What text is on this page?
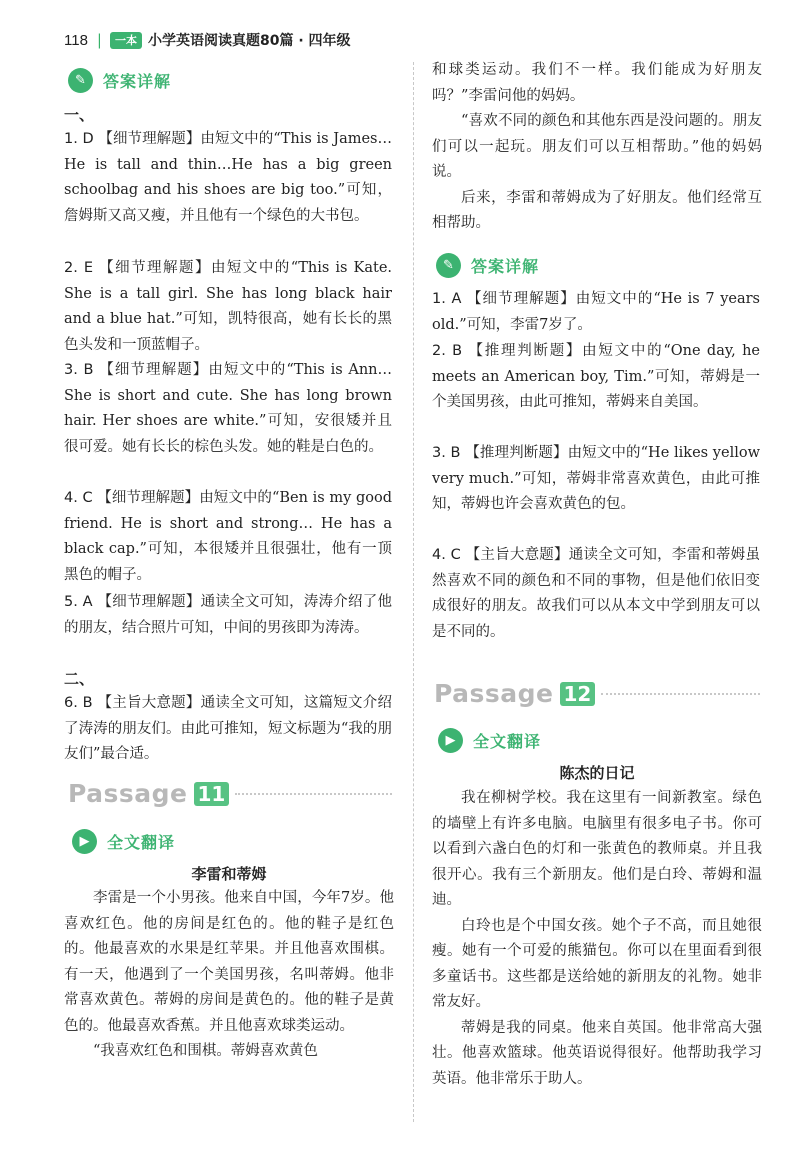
118 |	一本 小学英语阅读真题80篇 · 四年级
✎	答案详解
一、
1. D 【细节理解题】由短文中的“This is James…He is tall and thin…He has a big green schoolbag and his shoes are big too.”可知，詹姆斯又高又瘦，并且他有一个绿色的大书包。
2. E 【细节理解题】由短文中的“This is Kate. She is a tall girl. She has long black hair and a blue hat.”可知，凯特很高，她有长长的黑色头发和一顶蓝帽子。
3. B 【细节理解题】由短文中的“This is Ann…She is short and cute. She has long brown hair. Her shoes are white.”可知，安很矮并且很可爱。她有长长的棕色头发。她的鞋是白色的。
4. C 【细节理解题】由短文中的“Ben is my good friend. He is short and strong… He has a black cap.”可知，本很矮并且很强壮，他有一顶黑色的帽子。
5. A 【细节理解题】通读全文可知，涛涛介绍了他的朋友，结合照片可知，中间的男孩即为涛涛。
二、
6. B 【主旨大意题】通读全文可知，这篇短文介绍了涛涛的朋友们。由此可推知，短文标题为“我的朋友们”最合适。
Passage 11
▶	全文翻译
李雷和蒂姆

李雷是一个小男孩。他来自中国，今年7岁。他喜欢红色。他的房间是红色的。他的鞋子是红色的。他最喜欢的水果是红苹果。并且他喜欢围棋。有一天，他遇到了一个美国男孩，名叫蒂姆。他非常喜欢黄色。蒂姆的房间是黄色的。他的鞋子是黄色的。他最喜欢香蕉。并且他喜欢球类运动。

“我喜欢红色和围棋。蒂姆喜欢黄色

和球类运动。我们不一样。我们能成为好朋友吗？”李雷问他的妈妈。

“喜欢不同的颜色和其他东西是没问题的。朋友们可以一起玩。朋友们可以互相帮助。”他的妈妈说。

后来，李雷和蒂姆成为了好朋友。他们经常互相帮助。

✎	答案详解
1. A 【细节理解题】由短文中的“He is 7 years old.”可知，李雷7岁了。
2. B 【推理判断题】由短文中的“One day, he meets an American boy, Tim.”可知，蒂姆是一个美国男孩，由此可推知，蒂姆来自美国。
3. B 【推理判断题】由短文中的“He likes yellow very much.”可知，蒂姆非常喜欢黄色，由此可推知，蒂姆也许会喜欢黄色的包。
4. C 【主旨大意题】通读全文可知，李雷和蒂姆虽然喜欢不同的颜色和不同的事物，但是他们依旧变成很好的朋友。故我们可以从本文中学到朋友可以是不同的。
Passage 12
▶	全文翻译
陈杰的日记

我在柳树学校。我在这里有一间新教室。绿色的墙壁上有许多电脑。电脑里有很多电子书。你可以看到六盏白色的灯和一张黄色的教师桌。并且我很开心。我有三个新朋友。他们是白玲、蒂姆和温迪。

白玲也是个中国女孩。她个子不高，而且她很瘦。她有一个可爱的熊猫包。你可以在里面看到很多童话书。这些都是送给她的新朋友的礼物。她非常友好。

蒂姆是我的同桌。他来自英国。他非常高大强壮。他喜欢篮球。他英语说得很好。他帮助我学习英语。他非常乐于助人。
